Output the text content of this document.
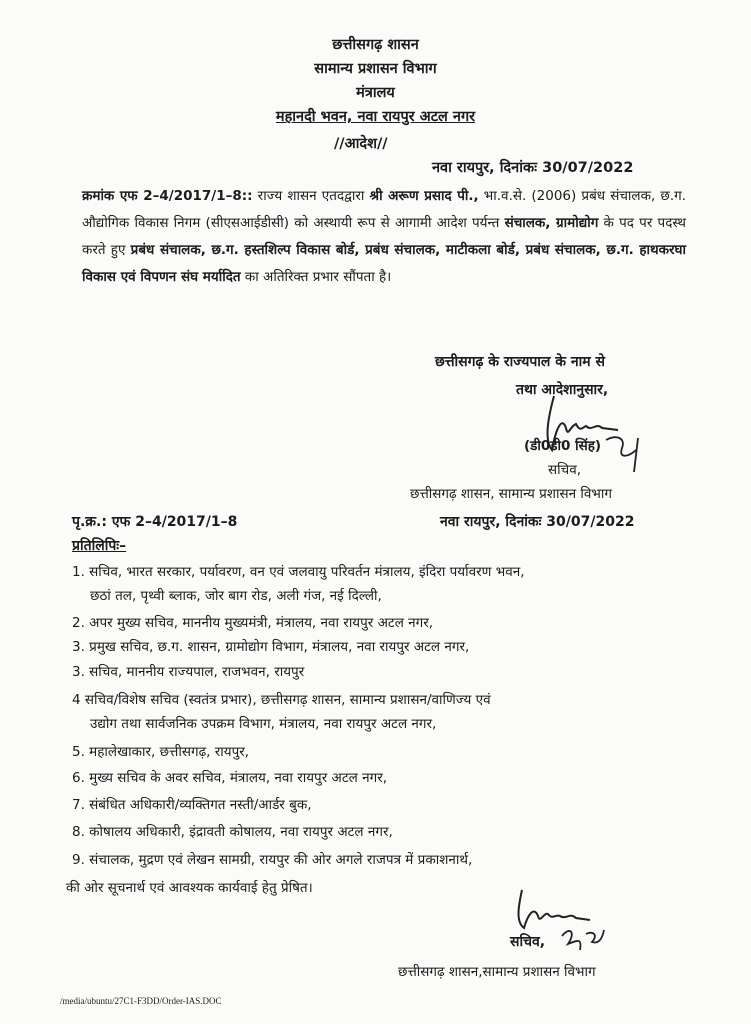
छत्तीसगढ़ शासन
सामान्य प्रशासन विभाग
मंत्रालय
महानदी भवन, नवा रायपुर अटल नगर
//आदेश//
नवा रायपुर, दिनांकः 30/07/2022
क्रमांक एफ 2–4/2017/1–8:: राज्य शासन एतदद्वारा श्री अरूण प्रसाद पी., भा.व.से. (2006) प्रबंध संचालक, छ.ग. औद्योगिक विकास निगम (सीएसआईडीसी) को अस्थायी रूप से आगामी आदेश पर्यन्त संचालक, ग्रामोद्योग के पद पर पदस्थ करते हुए प्रबंध संचालक, छ.ग. हस्तशिल्प विकास बोर्ड, प्रबंध संचालक, माटीकला बोर्ड, प्रबंध संचालक, छ.ग. हाथकरघा विकास एवं विपणन संघ मर्यादित का अतिरिक्त प्रभार सौंपता है।
छत्तीसगढ़ के राज्यपाल के नाम से
तथा आदेशानुसार,
(डी0डी0 सिंह)
सचिव,
छत्तीसगढ़ शासन, सामान्य प्रशासन विभाग
पृ.क्र.: एफ 2–4/2017/1–8	नवा रायपुर, दिनांकः 30/07/2022
प्रतिलिपिः–
1. सचिव, भारत सरकार, पर्यावरण, वन एवं जलवायु परिवर्तन मंत्रालय, इंदिरा पर्यावरण भवन,
छठां तल, पृथ्वी ब्लाक, जोर बाग रोड, अली गंज, नई दिल्ली,
2. अपर मुख्य सचिव, माननीय मुख्यमंत्री, मंत्रालय, नवा रायपुर अटल नगर,
3. प्रमुख सचिव, छ.ग. शासन, ग्रामोद्योग विभाग, मंत्रालय, नवा रायपुर अटल नगर,
3. सचिव, माननीय राज्यपाल, राजभवन, रायपुर
4 सचिव/विशेष सचिव (स्वतंत्र प्रभार), छत्तीसगढ़ शासन, सामान्य प्रशासन/वाणिज्य एवं
उद्योग तथा सार्वजनिक उपक्रम विभाग, मंत्रालय, नवा रायपुर अटल नगर,
5. महालेखाकार, छत्तीसगढ़, रायपुर,
6. मुख्य सचिव के अवर सचिव, मंत्रालय, नवा रायपुर अटल नगर,
7. संबंधित अधिकारी/व्यक्तिगत नस्ती/आर्डर बुक,
8. कोषालय अधिकारी, इंद्रावती कोषालय, नवा रायपुर अटल नगर,
9. संचालक, मुद्रण एवं लेखन सामग्री, रायपुर की ओर अगले राजपत्र में प्रकाशनार्थ,
की ओर सूचनार्थ एवं आवश्यक कार्यवाई हेतु प्रेषित।
सचिव,
छत्तीसगढ़ शासन,सामान्य प्रशासन विभाग
/media/ubuntu/27C1-F3DD/Order-IAS.DOC
